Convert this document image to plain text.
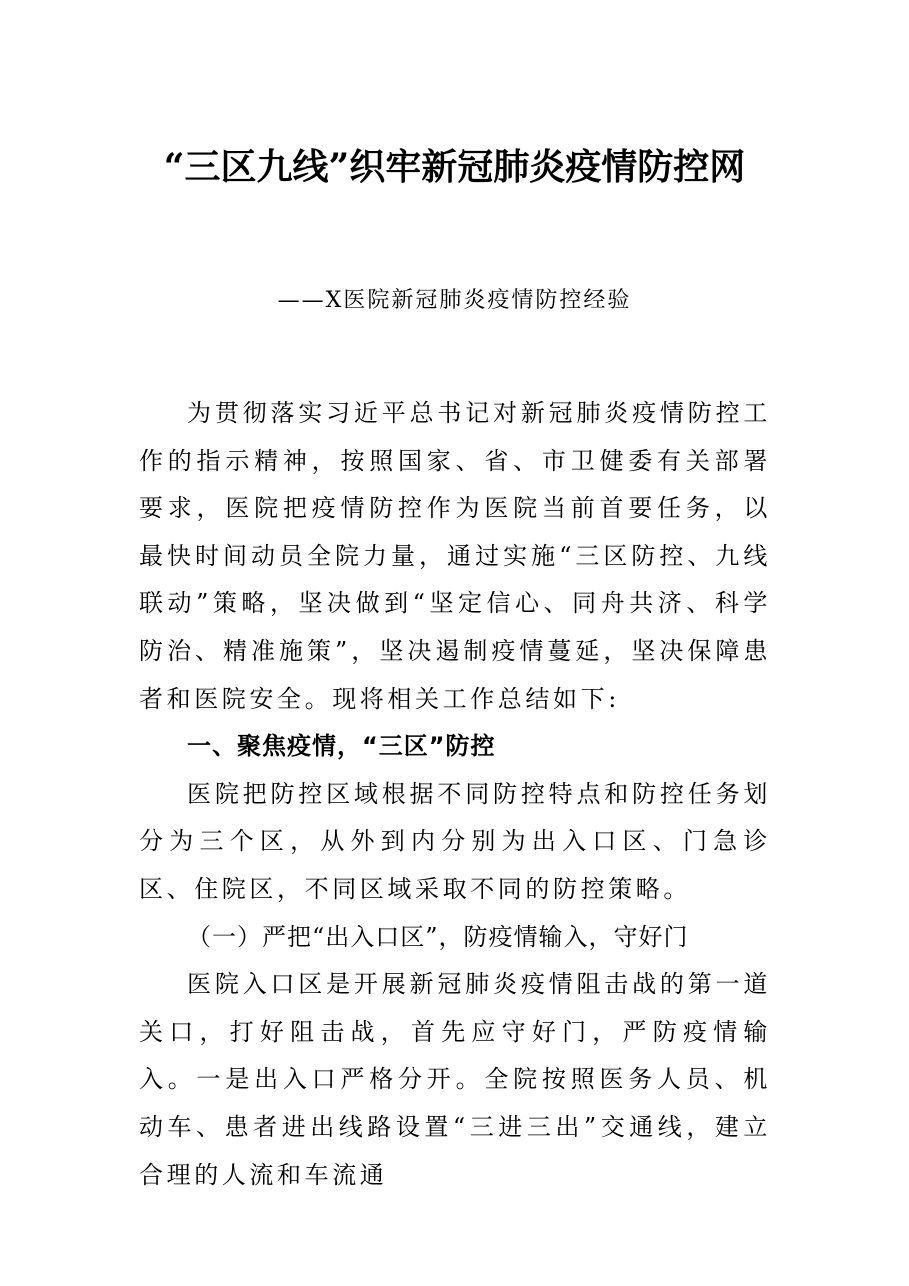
“三区九线”织牢新冠肺炎疫情防控网
——X医院新冠肺炎疫情防控经验

为贯彻落实习近平总书记对新冠肺炎疫情防控工作的指示精神，按照国家、省、市卫健委有关部署要求，医院把疫情防控作为医院当前首要任务，以最快时间动员全院力量，通过实施“三区防控、九线联动”策略，坚决做到“坚定信心、同舟共济、科学防治、精准施策”，坚决遏制疫情蔓延，坚决保障患者和医院安全。现将相关工作总结如下:

一、聚焦疫情，“三区”防控

医院把防控区域根据不同防控特点和防控任务划分为三个区，从外到内分别为出入口区、门急诊区、住院区，不同区域采取不同的防控策略。

（一）严把“出入口区”，防疫情输入，守好门

医院入口区是开展新冠肺炎疫情阻击战的第一道关口，打好阻击战，首先应守好门，严防疫情输入。一是出入口严格分开。全院按照医务人员、机动车、患者进出线路设置“三进三出”交通线，建立合理的人流和车流通
